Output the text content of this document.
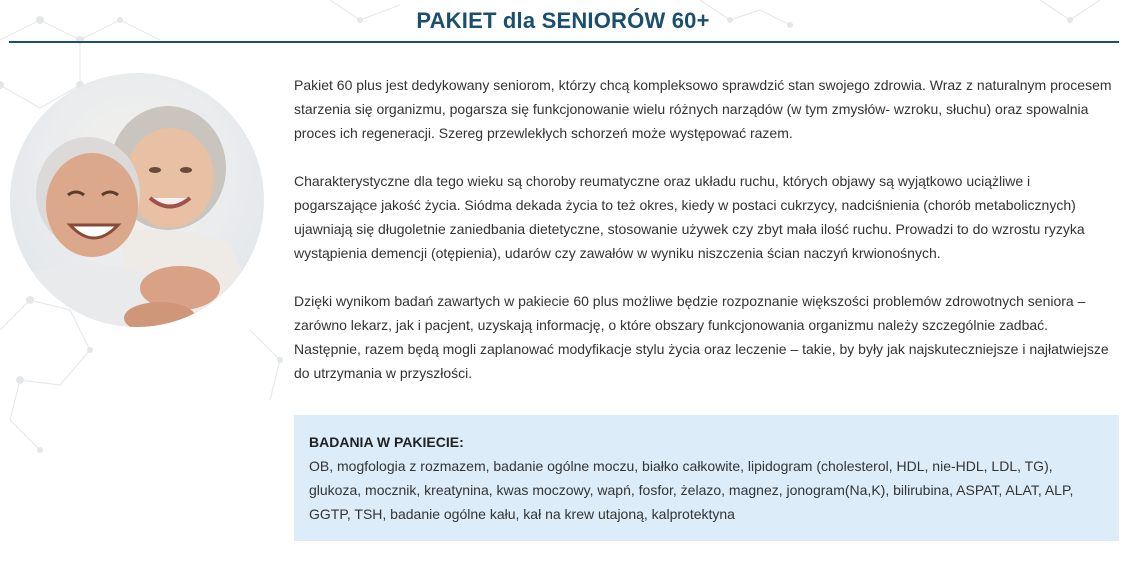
PAKIET dla SENIORÓW 60+

Pakiet 60 plus jest dedykowany seniorom, którzy chcą kompleksowo sprawdzić stan swojego zdrowia. Wraz z naturalnym procesem starzenia się organizmu, pogarsza się funkcjonowanie wielu różnych narządów (w tym zmysłów- wzroku, słuchu) oraz spowalnia proces ich regeneracji. Szereg przewlekłych schorzeń może występować razem.

Charakterystyczne dla tego wieku są choroby reumatyczne oraz układu ruchu, których objawy są wyjątkowo uciążliwe i pogarszające jakość życia. Siódma dekada życia to też okres, kiedy w postaci cukrzycy, nadciśnienia (chorób metabolicznych) ujawniają się długoletnie zaniedbania dietetyczne, stosowanie używek czy zbyt mała ilość ruchu. Prowadzi to do wzrostu ryzyka wystąpienia demencji (otępienia), udarów czy zawałów w wyniku niszczenia ścian naczyń krwionośnych.

Dzięki wynikom badań zawartych w pakiecie 60 plus możliwe będzie rozpoznanie większości problemów zdrowotnych seniora – zarówno lekarz, jak i pacjent, uzyskają informację, o które obszary funkcjonowania organizmu należy szczególnie zadbać. Następnie, razem będą mogli zaplanować modyfikacje stylu życia oraz leczenie – takie, by były jak najskuteczniejsze i najłatwiejsze do utrzymania w przyszłości.

BADANIA W PAKIECIE:
OB, mogfologia z rozmazem, badanie ogólne moczu, białko całkowite, lipidogram (cholesterol, HDL, nie-HDL, LDL, TG), glukoza, mocznik, kreatynina, kwas moczowy, wapń, fosfor, żelazo, magnez, jonogram(Na,K), bilirubina, ASPAT, ALAT, ALP, GGTP, TSH, badanie ogólne kału, kał na krew utajoną, kalprotektyna
